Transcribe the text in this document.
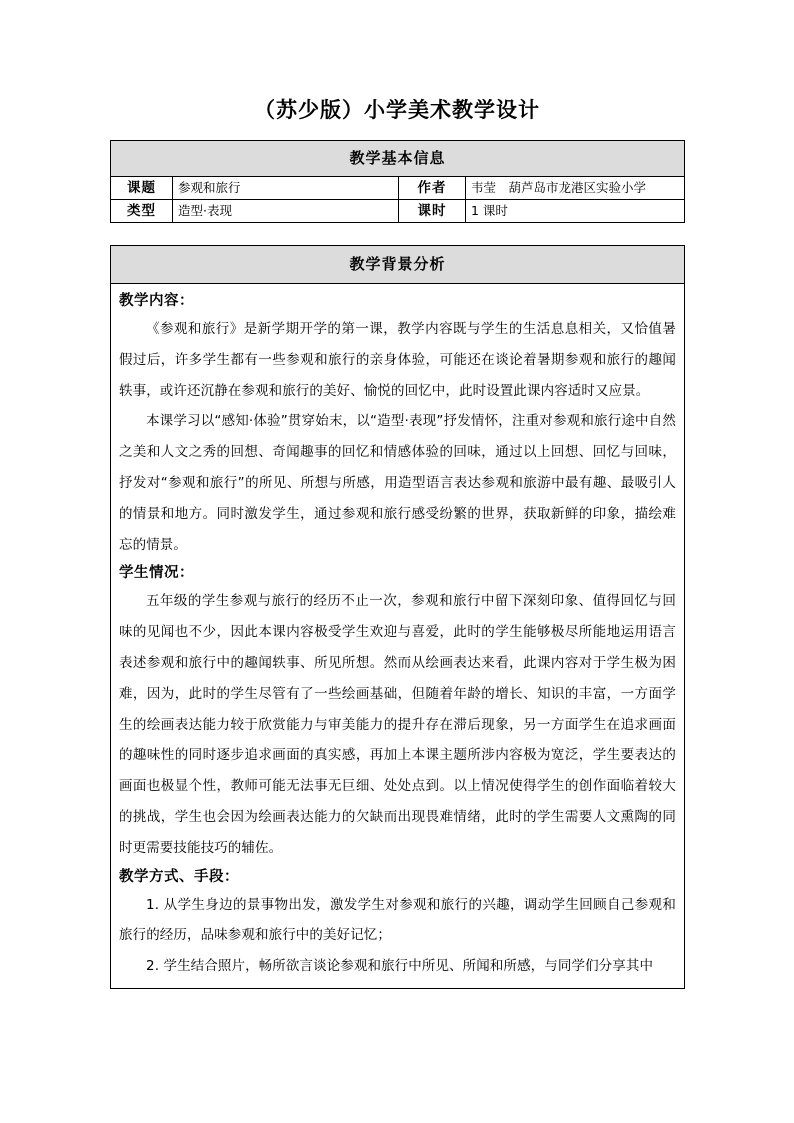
（苏少版）小学美术教学设计
教学基本信息			
课题	参观和旅行	作者	韦莹　葫芦岛市龙港区实验小学
类型	造型·表现	课时	1 课时
教学背景分析

教学内容：

《参观和旅行》是新学期开学的第一课，教学内容既与学生的生活息息相关，又恰值暑假过后，许多学生都有一些参观和旅行的亲身体验，可能还在谈论着暑期参观和旅行的趣闻轶事，或许还沉静在参观和旅行的美好、愉悦的回忆中，此时设置此课内容适时又应景。

本课学习以“感知·体验”贯穿始末，以“造型·表现”抒发情怀，注重对参观和旅行途中自然之美和人文之秀的回想、奇闻趣事的回忆和情感体验的回味，通过以上回想、回忆与回味，抒发对“参观和旅行”的所见、所想与所感，用造型语言表达参观和旅游中最有趣、最吸引人的情景和地方。同时激发学生，通过参观和旅行感受纷繁的世界，获取新鲜的印象，描绘难忘的情景。

学生情况：

五年级的学生参观与旅行的经历不止一次，参观和旅行中留下深刻印象、值得回忆与回味的见闻也不少，因此本课内容极受学生欢迎与喜爱，此时的学生能够极尽所能地运用语言表述参观和旅行中的趣闻轶事、所见所想。然而从绘画表达来看，此课内容对于学生极为困难，因为，此时的学生尽管有了一些绘画基础，但随着年龄的增长、知识的丰富，一方面学生的绘画表达能力较于欣赏能力与审美能力的提升存在滞后现象，另一方面学生在追求画面的趣味性的同时逐步追求画面的真实感，再加上本课主题所涉内容极为宽泛，学生要表达的画面也极显个性，教师可能无法事无巨细、处处点到。以上情况使得学生的创作面临着较大的挑战，学生也会因为绘画表达能力的欠缺而出现畏难情绪，此时的学生需要人文熏陶的同时更需要技能技巧的辅佐。

教学方式、手段：

1. 从学生身边的景事物出发，激发学生对参观和旅行的兴趣，调动学生回顾自己参观和旅行的经历，品味参观和旅行中的美好记忆；

2. 学生结合照片，畅所欲言谈论参观和旅行中所见、所闻和所感，与同学们分享其中
